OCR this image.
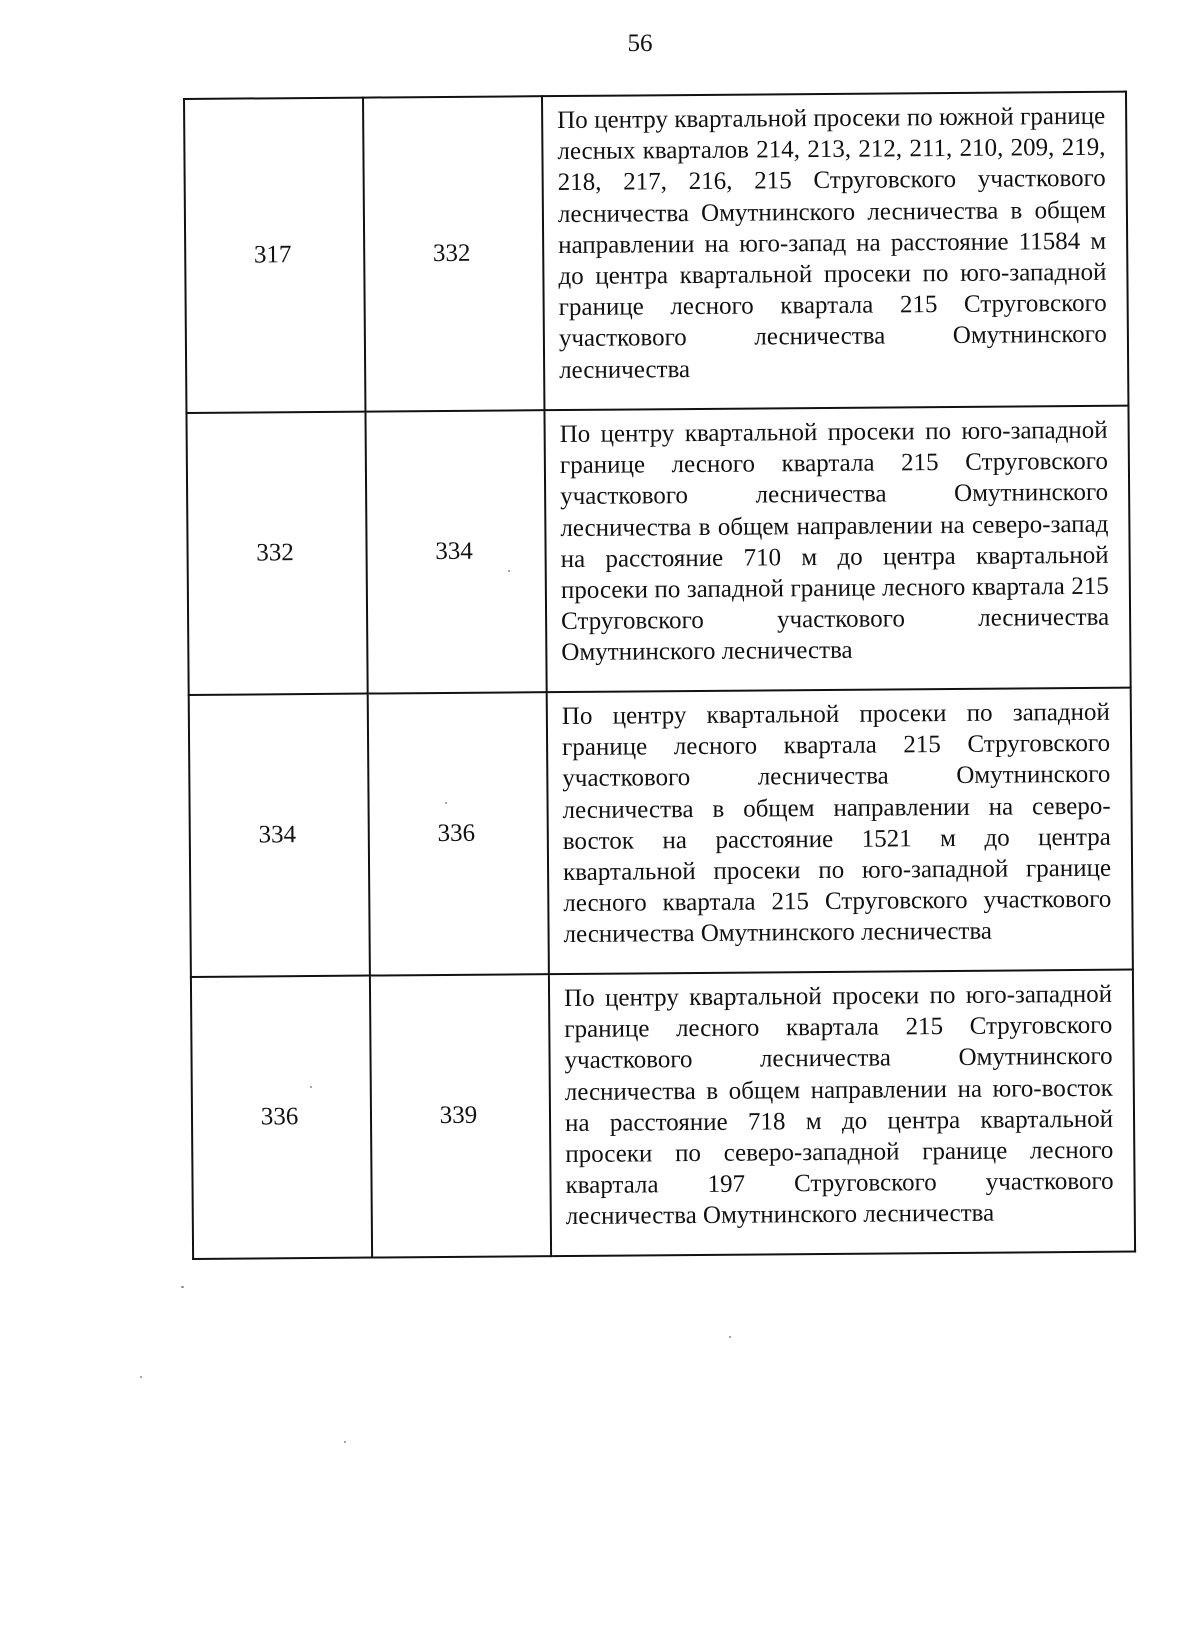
56
317	332	По центру квартальной просеки по южной границе лесных кварталов 214, 213, 212, 211, 210, 209, 219, 218, 217, 216, 215 Струговского участкового лесничества Омутнинского лесничества в общем направлении на юго-запад на расстояние 11584 м до центра квартальной просеки по юго-западной границе лесного квартала 215 Струговского участкового лесничества Омутнинского лесничества
332	334	По центру квартальной просеки по юго-западной границе лесного квартала 215 Струговского участкового лесничества Омутнинского лесничества в общем направлении на северо-запад на расстояние 710 м до центра квартальной просеки по западной границе лесного квартала 215 Струговского участкового лесничества Омутнинского лесничества
334	336	По центру квартальной просеки по западной границе лесного квартала 215 Струговского участкового лесничества Омутнинского лесничества в общем направлении на северо-восток на расстояние 1521 м до центра квартальной просеки по юго-западной границе лесного квартала 215 Струговского участкового лесничества Омутнинского лесничества
336	339	По центру квартальной просеки по юго-западной границе лесного квартала 215 Струговского участкового лесничества Омутнинского лесничества в общем направлении на юго-восток на расстояние 718 м до центра квартальной просеки по северо-западной границе лесного квартала 197 Струговского участкового лесничества Омутнинского лесничества
